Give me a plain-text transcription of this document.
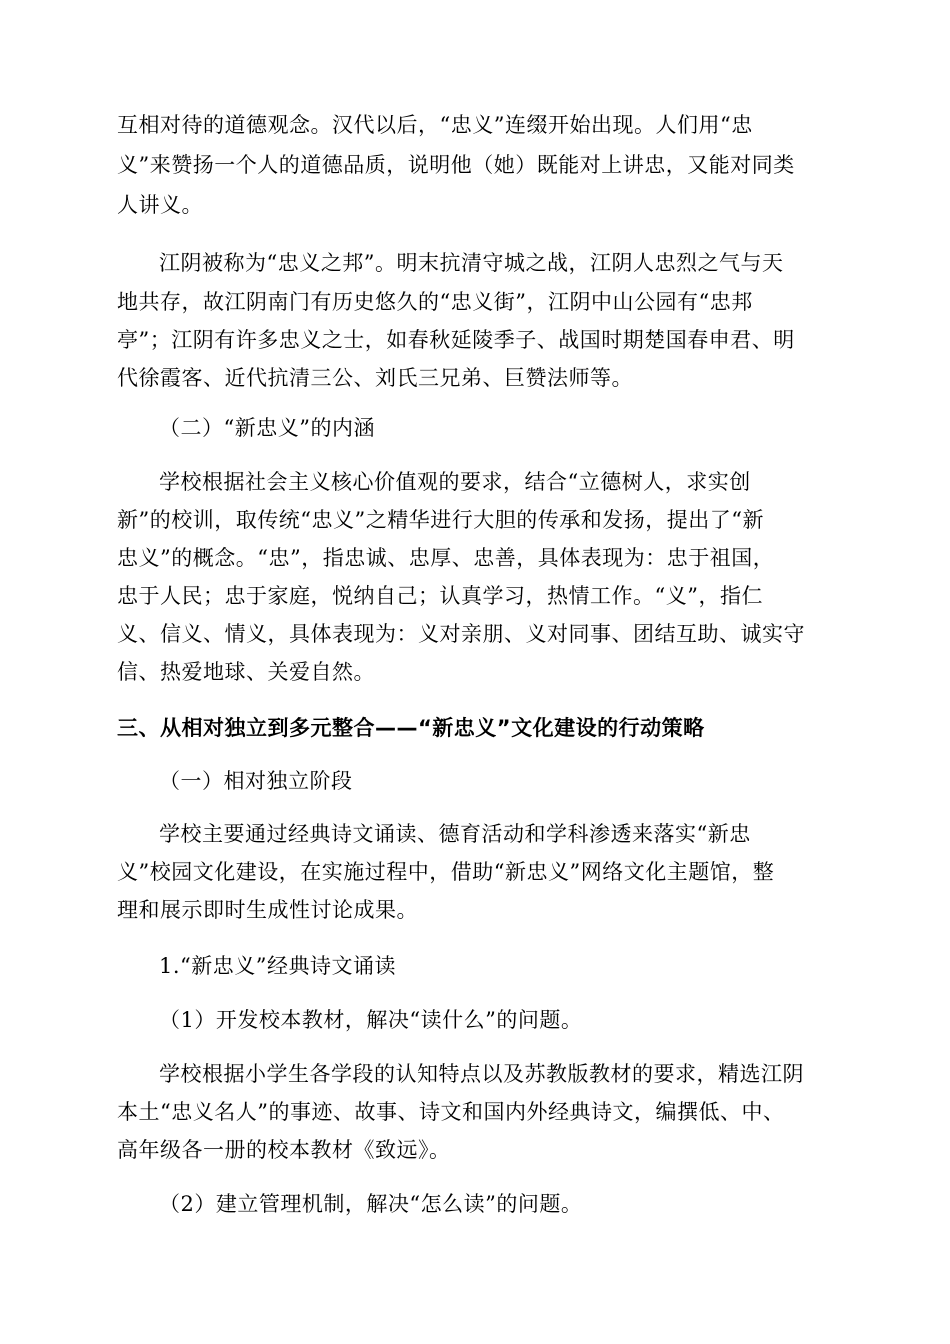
互相对待的道德观念。汉代以后，“忠义”连缀开始出现。人们用“忠
义”来赞扬一个人的道德品质，说明他（她）既能对上讲忠，又能对同类
人讲义。
江阴被称为“忠义之邦”。明末抗清守城之战，江阴人忠烈之气与天
地共存，故江阴南门有历史悠久的“忠义街”，江阴中山公园有“忠邦
亭”；江阴有许多忠义之士，如春秋延陵季子、战国时期楚国春申君、明
代徐霞客、近代抗清三公、刘氏三兄弟、巨赞法师等。
（二）“新忠义”的内涵
学校根据社会主义核心价值观的要求，结合“立德树人，求实创
新”的校训，取传统“忠义”之精华进行大胆的传承和发扬，提出了“新
忠义”的概念。“忠”，指忠诚、忠厚、忠善，具体表现为：忠于祖国，
忠于人民；忠于家庭，悦纳自己；认真学习，热情工作。“义”，指仁
义、信义、情义，具体表现为：义对亲朋、义对同事、团结互助、诚实守
信、热爱地球、关爱自然。
三、从相对独立到多元整合——“新忠义”文化建设的行动策略
（一）相对独立阶段
学校主要通过经典诗文诵读、德育活动和学科渗透来落实“新忠
义”校园文化建设，在实施过程中，借助“新忠义”网络文化主题馆，整
理和展示即时生成性讨论成果。
1.“新忠义”经典诗文诵读
（1）开发校本教材，解决“读什么”的问题。
学校根据小学生各学段的认知特点以及苏教版教材的要求，精选江阴
本土“忠义名人”的事迹、故事、诗文和国内外经典诗文，编撰低、中、
高年级各一册的校本教材《致远》。
（2）建立管理机制，解决“怎么读”的问题。
